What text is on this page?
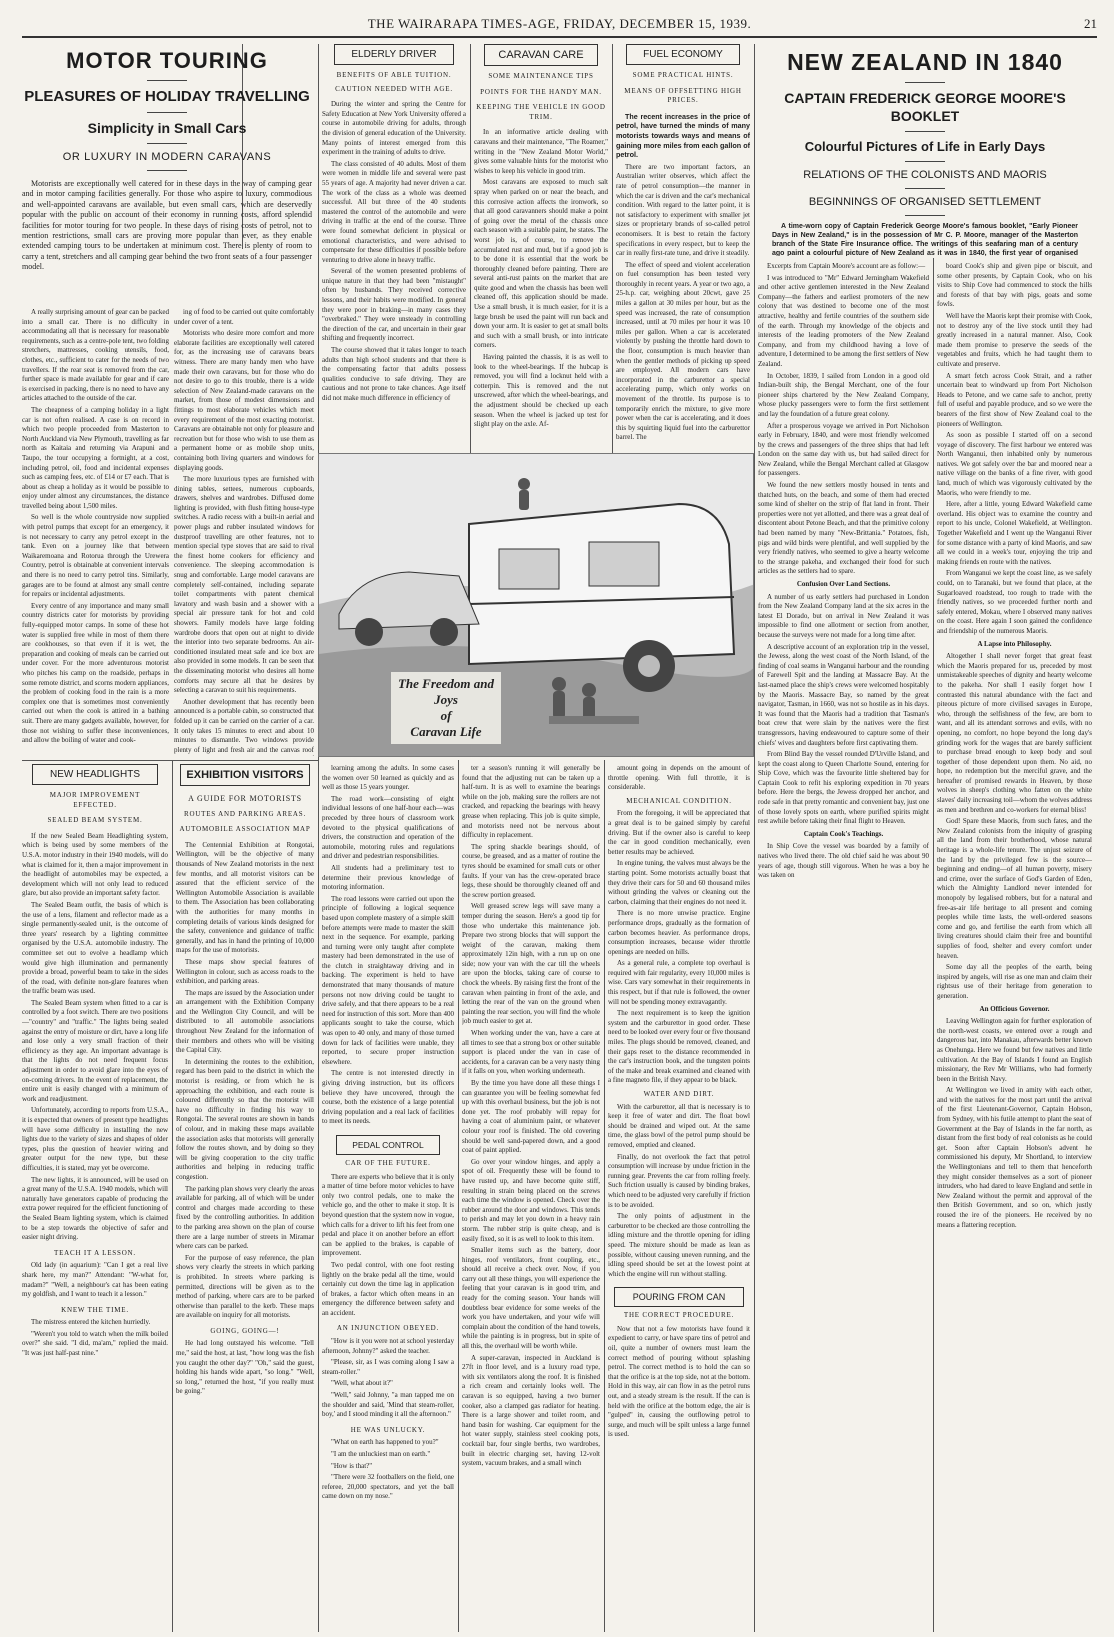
THE WAIRARAPA TIMES-AGE, FRIDAY, DECEMBER 15, 1939.	21
MOTOR TOURING
PLEASURES OF HOLIDAY TRAVELLING
Simplicity in Small Cars
OR LUXURY IN MODERN CARAVANS

Motorists are exceptionally well catered for in these days in the way of camping gear and in motor camping facilities generally. For those who aspire to luxury, commodious and well-appointed caravans are available, but even small cars, which are deservedly popular with the public on account of their economy in running costs, afford splendid facilities for motor touring for two people. In these days of rising costs of petrol, not to mention restrictions, small cars are proving more popular than ever, as they enable extended camping tours to be undertaken at minimum cost. There is plenty of room to carry a tent, stretchers and all camping gear behind the two front seats of a four passenger model.

A really surprising amount of gear can be packed into a small car. There is no difficulty in accommodating all that is necessary for reasonable requirements, such as a centre-pole tent, two folding stretchers, mattresses, cooking utensils, food, clothes, etc., sufficient to cater for the needs of two travellers. If the rear seat is removed from the car, further space is made available for gear and if care is exercised in packing, there is no need to have any articles attached to the outside of the car.

The cheapness of a camping holiday in a light car is not often realised. A case is on record in which two people proceeded from Masterton to North Auckland via New Plymouth, travelling as far north as Kaitaia and returning via Arapuni and Taupo, the tour occupying a fortnight, at a cost, including petrol, oil, food and incidental expenses such as camping fees, etc. of £14 or £7 each. That is about as cheap a holiday as it would be possible to enjoy under almost any circumstances, the distance travelled being about 1,500 miles.

So well is the whole countryside now supplied with petrol pumps that except for an emergency, it is not necessary to carry any petrol except in the tank. Even on a journey like that between Waikaremoana and Rotorua through the Urewera Country, petrol is obtainable at convenient intervals and there is no need to carry petrol tins. Similarly, garages are to be found at almost any small centre for repairs or incidental adjustments.

Every centre of any importance and many small country districts cater for motorists by providing fully-equipped motor camps. In some of these hot water is supplied free while in most of them there are cookhouses, so that even if it is wet, the preparation and cooking of meals can be carried out under cover. For the more adventurous motorist who pitches his camp on the roadside, perhaps in some remote district, and scorns modern appliances, the problem of cooking food in the rain is a more complex one that is sometimes most conveniently carried out when the cook is attired in a bathing suit. There are many gadgets available, however, for those not wishing to suffer these inconveniences, and allow the boiling of water and cook-

ing of food to be carried out quite comfortably under cover of a tent.

Motorists who desire more comfort and more elaborate facilities are exceptionally well catered for, as the increasing use of caravans bears witness. There are many handy men who have made their own caravans, but for those who do not desire to go to this trouble, there is a wide selection of New Zealand-made caravans on the market, from those of modest dimensions and fittings to most elaborate vehicles which meet every requirement of the most exacting motorist. Caravans are obtainable not only for pleasure and recreation but for those who wish to use them as a permanent home or as mobile shop units, containing both living quarters and windows for displaying goods.

The more luxurious types are furnished with dining tables, settees, numerous cupboards, drawers, shelves and wardrobes. Diffused dome lighting is provided, with flush fitting house-type switches. A radio recess with a built-in aerial and power plugs and rubber insulated windows for dustproof travelling are other features, not to mention special type stoves that are said to rival the finest home cookers for efficiency and convenience. The sleeping accommodation is snug and comfortable. Large model caravans are completely self-contained, including separate toilet compartments with patent chemical lavatory and wash basin and a shower with a special air pressure tank for hot and cold showers. Family models have large folding wardrobe doors that open out at night to divide the interior into two separate bedrooms. An air-conditioned insulated meat safe and ice box are also provided in some models. It can be seen that the disseminating motorist who desires all home comforts may secure all that he desires by selecting a caravan to suit his requirements.

Another development that has recently been announced is a portable cabin, so constructed that folded up it can be carried on the carrier of a car. It only takes 15 minutes to erect and about 10 minutes to dismantle. Two windows provide plenty of light and fresh air and the canvas roof

ELDERLY DRIVER
BENEFITS OF ABLE TUITION.
CAUTION NEEDED WITH AGE.

During the winter and spring the Centre for Safety Education at New York University offered a course in automobile driving for adults, through the division of general education of the University. Many points of interest emerged from this experiment in the training of adults to drive.

The class consisted of 40 adults. Most of them were women in middle life and several were past 55 years of age. A majority had never driven a car. The work of the class as a whole was deemed successful. All but three of the 40 students mastered the control of the automobile and were driving in traffic at the end of the course. Three were found somewhat deficient in physical or emotional characteristics, and were advised to compensate for these difficulties if possible before venturing to drive alone in heavy traffic.

Several of the women presented problems of unique nature in that they had been "mistaught" often by husbands. They received corrective lessons, and their habits were modified. In general they were poor in braking—in many cases they "overbraked." They were unsteady in controlling the direction of the car, and uncertain in their gear shifting and frequently incorrect.

The course showed that it takes longer to teach adults than high school students and that there is the compensating factor that adults possess qualities conducive to safe driving. They are cautious and not prone to take chances. Age itself did not make much difference in efficiency of

CARAVAN CARE
SOME MAINTENANCE TIPS
POINTS FOR THE HANDY MAN.
KEEPING THE VEHICLE IN GOOD TRIM.

In an informative article dealing with caravans and their maintenance, "The Roamer," writing in the "New Zealand Motor World," gives some valuable hints for the motorist who wishes to keep his vehicle in good trim.

Most caravans are exposed to much salt spray when parked on or near the beach, and this corrosive action affects the ironwork, so that all good caravanners should make a point of going over the metal of the chassis once each season with a suitable paint, he states. The worst job is, of course, to remove the accumulated rust and mud, but if a good job is to be done it is essential that the work be thoroughly cleaned before painting. There are several anti-rust paints on the market that are quite good and when the chassis has been well cleaned off, this application should be made. Use a small brush, it is much easier, for it is a large brush be used the paint will run back and down your arm. It is easier to get at small bolts and such with a small brush, or into intricate corners.

Having painted the chassis, it is as well to look to the wheel-bearings. If the hubcap is removed, you will find a locknut held with a cotterpin. This is removed and the nut unscrewed, after which the wheel-bearings, and the adjustment should be checked up each season. When the wheel is jacked up test for slight play on the axle. Af-

FUEL ECONOMY
SOME PRACTICAL HINTS.
MEANS OF OFFSETTING HIGH PRICES.

The recent increases in the price of petrol, have turned the minds of many motorists towards ways and means of gaining more miles from each gallon of petrol.

There are two important factors, an Australian writer observes, which affect the rate of petrol consumption—the manner in which the car is driven and the car's mechanical condition. With regard to the latter point, it is not satisfactory to experiment with smaller jet sizes or proprietary brands of so-called petrol economisers. It is best to retain the factory specifications in every respect, but to keep the car in really first-rate tune, and drive it steadily.

The effect of speed and violent acceleration on fuel consumption has been tested very thoroughly in recent years. A year or two ago, a 25-h.p. car, weighing about 20cwt, gave 25 miles a gallon at 30 miles per hour, but as the speed was increased, the rate of consumption increased, until at 70 miles per hour it was 10 miles per gallon. When a car is accelerated violently by pushing the throttle hard down to the floor, consumption is much heavier than when the gentler methods of picking up speed are employed. All modern cars have incorporated in the carburettor a special accelerating pump, which only works on movement of the throttle. Its purpose is to temporarily enrich the mixture, to give more power when the car is accelerating, and it does this by squirting liquid fuel into the carburettor barrel. The

The Freedom and Joys
of
Caravan Life

learning among the adults. In some cases the women over 50 learned as quickly and as well as those 15 years younger.

The road work—consisting of eight individual lessons of one half-hour each—was preceded by three hours of classroom work devoted to the physical qualifications of drivers, the construction and operation of the automobile, motoring rules and regulations and driver and pedestrian responsibilities.

All students had a preliminary test to determine their previous knowledge of motoring information.

The road lessons were carried out upon the principle of following a logical sequence based upon complete mastery of a simple skill before attempts were made to master the skill next in the sequence. For example, parking and turning were only taught after complete mastery had been demonstrated in the use of the clutch in straightaway driving and in backing. The experiment is held to have demonstrated that many thousands of mature persons not now driving could be taught to drive safely, and that there appears to be a real need for instruction of this sort. More than 400 applicants sought to take the course, which was open to 40 only, and many of those turned down for lack of facilities were unable, they reported, to secure proper instruction elsewhere.

The centre is not interested directly in giving driving instruction, but its officers believe they have uncovered, through the course, both the existence of a large potential driving population and a real lack of facilities to meet its needs.

PEDAL CONTROL
CAR OF THE FUTURE.

There are experts who believe that it is only a matter of time before motor vehicles to have only two control pedals, one to make the vehicle go, and the other to make it stop. It is beyond question that the system now in vogue, which calls for a driver to lift his feet from one pedal and place it on another before an effort can be applied to the brakes, is capable of improvement.

Two pedal control, with one foot resting lightly on the brake pedal all the time, would certainly cut down the time lag in application of brakes, a factor which often means in an emergency the difference between safety and an accident.

AN INJUNCTION OBEYED.

"How is it you were not at school yesterday afternoon, Johnny?" asked the teacher.

"Please, sir, as I was coming along I saw a steam-roller."

"Well, what about it?"

"Well," said Johnny, "a man tapped me on the shoulder and said, 'Mind that steam-roller, boy,' and I stood minding it all the afternoon."

HE WAS UNLUCKY.

"What on earth has happened to you?"

"I am the unluckiest man on earth."

"How is that?"

"There were 32 footballers on the field, one referee, 20,000 spectators, and yet the ball came down on my nose."

ter a season's running it will generally be found that the adjusting nut can be taken up a half-turn. It is as well to examine the bearings while on the job, making sure the rollers are not cracked, and repacking the bearings with heavy grease when replacing. This job is quite simple, and motorists need not be nervous about difficulty in replacement.

The spring shackle bearings should, of course, be greased, and as a matter of routine the tyres should be examined for small cuts or other faults. If your van has the crew-operated brace legs, these should be thoroughly cleaned off and the screw portion greased.

Well greased screw legs will save many a temper during the season. Here's a good tip for those who undertake this maintenance job. Prepare two strong blocks that will support the weight of the caravan, making them approximately 12in high, with a run up on one side; now your van with the car till the wheels are upon the blocks, taking care of course to chock the wheels. By raising first the front of the caravan when painting in front of the axle, and letting the rear of the van on the ground when painting the rear section, you will find the whole job much easier to get at.

When working under the van, have a care at all times to see that a strong box or other suitable support is placed under the van in case of accidents, for a caravan can be a very nasty thing if it falls on you, when working underneath.

By the time you have done all these things I can guarantee you will be feeling somewhat fed up with this overhaul business, but the job is not done yet. The roof probably will repay for having a coat of aluminium paint, or whatever colour your roof is finished. The old covering should be well sand-papered down, and a good coat of paint applied.

Go over your window hinges, and apply a spot of oil. Frequently these will be found to have rusted up, and have become quite stiff, resulting in strain being placed on the screws each time the window is opened. Check over the rubber around the door and windows. This tends to perish and may let you down in a heavy rain storm. The rubber strip is quite cheap, and is easily fixed, so it is as well to look to this item.

Smaller items such as the battery, door hinges, roof ventilators, front coupling, etc., should all receive a check over. Now, if you carry out all these things, you will experience the feeling that your caravan is in good trim, and ready for the coming season. Your hands will doubtless bear evidence for some weeks of the work you have undertaken, and your wife will complain about the condition of the hand towels, while the painting is in progress, but in spite of all this, the overhaul will be worth while.

A super-caravan, inspected in Auckland is 27ft in floor level, and is a luxury road type, with six ventilators along the roof. It is finished a rich cream and certainly looks well. The caravan is so equipped, having a two burner cooker, also a clamped gas radiator for heating. There is a large shower and toilet room, and hand basin for washing. Car equipment for the hot water supply, stainless steel cooking pots, cocktail bar, four single berths, two wardrobes, built in electric charging set, having 12-volt system, vacuum brakes, and a small winch

amount going in depends on the amount of throttle opening. With full throttle, it is considerable.

MECHANICAL CONDITION.

From the foregoing, it will be appreciated that a great deal is to be gained simply by careful driving. But if the owner also is careful to keep the car in good condition mechanically, even better results may be achieved.

In engine tuning, the valves must always be the starting point. Some motorists actually boast that they drive their cars for 50 and 60 thousand miles without grinding the valves or cleaning out the carbon, claiming that their engines do not need it.

There is no more unwise practice. Engine performance drops, gradually as the formation of carbon becomes heavier. As performance drops, consumption increases, because wider throttle openings are needed on hills.

As a general rule, a complete top overhaul is required with fair regularity, every 10,000 miles is wise. Cars vary somewhat in their requirements in this respect, but if that rule is followed, the owner will not be spending money extravagantly.

The next requirement is to keep the ignition system and the carburettor in good order. These need to be looked over every four or five thousand miles. The plugs should be removed, cleaned, and their gaps reset to the distance recommended in the car's instruction book, and the tungsten points of the make and break examined and cleaned with a fine magneto file, if they appear to be black.

WATER AND DIRT.

With the carburettor, all that is necessary is to keep it free of water and dirt. The float bowl should be drained and wiped out. At the same time, the glass bowl of the petrol pump should be removed, emptied and cleaned.

Finally, do not overlook the fact that petrol consumption will increase by undue friction in the running gear. Prevents the car from rolling freely. Such friction usually is caused by binding brakes, which need to be adjusted very carefully if friction is to be avoided.

The only points of adjustment in the carburettor to be checked are those controlling the idling mixture and the throttle opening for idling speed. The mixture should be made as lean as possible, without causing uneven running, and the idling speed should be set at the lowest point at which the engine will run without stalling.

POURING FROM CAN
THE CORRECT PROCEDURE.

Now that not a few motorists have found it expedient to carry, or have spare tins of petrol and oil, quite a number of owners must learn the correct method of pouring without splashing petrol. The correct method is to hold the can so that the orifice is at the top side, not at the bottom. Hold in this way, air can flow in as the petrol runs out, and a steady stream is the result. If the can is held with the orifice at the bottom edge, the air is "gulped" in, causing the outflowing petrol to surge, and much will be spilt unless a large funnel is used.

NEW HEADLIGHTS
MAJOR IMPROVEMENT EFFECTED.
SEALED BEAM SYSTEM.

If the new Sealed Beam Headlighting system, which is being used by some members of the U.S.A. motor industry in their 1940 models, will do what is claimed for it, then a major improvement in the headlight of automobiles may be expected, a development which will not only lead to reduced glare, but also provide an important safety factor.

The Sealed Beam outfit, the basis of which is the use of a lens, filament and reflector made as a single permanently-sealed unit, is the outcome of three years' research by a lighting committee organised by the U.S.A. automobile industry. The committee set out to evolve a headlamp which would give high illumination and permanently provide a broad, powerful beam to take in the sides of the road, with definite non-glare features when the traffic beam was used.

The Sealed Beam system when fitted to a car is controlled by a foot switch. There are two positions—"country" and "traffic." The lights being sealed against the entry of moisture or dirt, have a long life and lose only a very small fraction of their efficiency as they age. An important advantage is that the lights do not need frequent focus adjustment in order to avoid glare into the eyes of on-coming drivers. In the event of replacement, the entire unit is easily changed with a minimum of work and readjustment.

Unfortunately, according to reports from U.S.A., it is expected that owners of present type headlights will have some difficulty in installing the new lights due to the variety of sizes and shapes of older types, plus the question of heavier wiring and greater output for the new type, but these difficulties, it is stated, may yet be overcome.

The new lights, it is announced, will be used on a great many of the U.S.A. 1940 models, which will naturally have generators capable of producing the extra power required for the efficient functioning of the Sealed Beam lighting system, which is claimed to be a step towards the objective of safer and easier night driving.

TEACH IT A LESSON.

Old lady (in aquarium): "Can I get a real live shark here, my man?" Attendant: "W-what for, madam?" "Well, a neighbour's cat has been eating my goldfish, and I want to teach it a lesson."

KNEW THE TIME.

The mistress entered the kitchen hurriedly.

"Weren't you told to watch when the milk boiled over?" she said. "I did, ma'am," replied the maid. "It was just half-past nine."

EXHIBITION VISITORS
A GUIDE FOR MOTORISTS
ROUTES AND PARKING AREAS.
AUTOMOBILE ASSOCIATION MAP

The Centennial Exhibition at Rongotai, Wellington, will be the objective of many thousands of New Zealand motorists in the next few months, and all motorist visitors can be assured that the efficient service of the Wellington Automobile Association is available to them. The Association has been collaborating with the authorities for many months in completing details of various kinds designed for the safety, convenience and guidance of traffic generally, and has in hand the printing of 10,000 maps for the use of motorists.

These maps show special features of Wellington in colour, such as access roads to the exhibition, and parking areas.

The maps are issued by the Association under an arrangement with the Exhibition Company and the Wellington City Council, and will be distributed to all automobile associations throughout New Zealand for the information of their members and others who will be visiting the Capital City.

In determining the routes to the exhibition, regard has been paid to the district in which the motorist is residing, or from which he is approaching the exhibition, and each route is coloured differently so that the motorist will have no difficulty in finding his way to Rongotai. The several routes are shown in bands of colour, and in making these maps available the association asks that motorists will generally follow the routes shown, and by doing so they will be giving cooperation to the city traffic authorities and helping in reducing traffic congestion.

The parking plan shows very clearly the areas available for parking, all of which will be under control and charges made according to these fixed by the controlling authorities. In addition to the parking area shown on the plan of course there are a large number of streets in Miramar where cars can be parked.

For the purpose of easy reference, the plan shows very clearly the streets in which parking is prohibited. In streets where parking is permitted, directions will be given as to the method of parking, where cars are to be parked otherwise than parallel to the kerb. These maps are available on inquiry for all motorists.

GOING, GOING—!

He had long outstayed his welcome. "Tell me," said the host, at last, "how long was the fish you caught the other day?" "Oh," said the guest, holding his hands wide apart, "so long." "Well, so long," returned the host, "if you really must be going."

NEW ZEALAND IN 1840
CAPTAIN FREDERICK GEORGE MOORE'S BOOKLET
Colourful Pictures of Life in Early Days
RELATIONS OF THE COLONISTS AND MAORIS
BEGINNINGS OF ORGANISED SETTLEMENT

A time-worn copy of Captain Frederick George Moore's famous booklet, "Early Pioneer Days in New Zealand," is in the possession of Mr C. P. Moore, manager of the Masterton branch of the State Fire Insurance office. The writings of this seafaring man of a century ago paint a colourful picture of New Zealand as it was in 1840, the first year of organised

Excerpts from Captain Moore's account are as follow:—

I was introduced to "Mr" Edward Jerningham Wakefield and other active gentlemen interested in the New Zealand Company—the fathers and earliest promoters of the new colony that was destined to become one of the most attractive, healthy and fertile countries of the southern side of the earth. Through my knowledge of the objects and interests of the leading promoters of the New Zealand Company, and from my childhood having a love of adventure, I determined to be among the first settlers of New Zealand.

In October, 1839, I sailed from London in a good old Indian-built ship, the Bengal Merchant, one of the four pioneer ships chartered by the New Zealand Company, whose plucky passengers were to form the first settlement and lay the foundation of a future great colony.

After a prosperous voyage we arrived in Port Nicholson early in February, 1840, and were most friendly welcomed by the crews and passengers of the three ships that had left London on the same day with us, but had sailed direct for New Zealand, while the Bengal Merchant called at Glasgow for passengers.

We found the new settlers mostly housed in tents and thatched huts, on the beach, and some of them had erected some kind of shelter on the strip of flat land in front. Their properties were not yet allotted, and there was a great deal of discontent about Petone Beach, and that the primitive colony had been named by many "New-Brittania." Potatoes, fish, pigs and wild birds were plentiful, and well supplied by the very friendly natives, who seemed to give a hearty welcome to the strange pakeha, and exchanged their food for such articles as the settlers had to spare.

Confusion Over Land Sections.

A number of us early settlers had purchased in London from the New Zealand Company land at the six acres in the latest El Dorado, but on arrival in New Zealand it was impossible to find one allotment or section from another, because the surveys were not made for a long time after.

A descriptive account of an exploration trip in the vessel, the Jewess, along the west coast of the North Island, of the finding of coal seams in Wanganui harbour and the rounding of Farewell Spit and the landing at Massacre Bay. At the last-named place the ship's crews were welcomed hospitably by the Maoris. Massacre Bay, so named by the great navigator, Tasman, in 1660, was not so hostile as in his days. It was found that the Maoris had a tradition that Tasman's boat crew that were slain by the natives were the first transgressors, having endeavoured to capture some of their chiefs' wives and daughters before first captivating them.

From Blind Bay the vessel rounded D'Urville Island, and kept the coast along to Queen Charlotte Sound, entering for Ship Cove, which was the favourite little sheltered bay for Captain Cook to refit his exploring expedition in 70 years before. Here the bergs, the Jewess dropped her anchor, and rode safe in that pretty romantic and convenient bay, just one of those lovely spots on earth, where purified spirits might rest awhile before taking their final flight to Heaven.

Captain Cook's Teachings.

In Ship Cove the vessel was boarded by a family of natives who lived there. The old chief said he was about 90 years of age, though still vigorous. When he was a boy he was taken on

board Cook's ship and given pipe or biscuit, and some other presents, by Captain Cook, who on his visits to Ship Cove had commenced to stock the hills and forests of that bay with pigs, goats and some fowls.

Well have the Maoris kept their promise with Cook, not to destroy any of the live stock until they had greatly increased in a natural manner. Also, Cook made them promise to preserve the seeds of the vegetables and fruits, which he had taught them to cultivate and preserve.

A smart fetch across Cook Strait, and a rather uncertain beat to windward up from Port Nicholson Heads to Petone, and we came safe to anchor, pretty full of useful and payable produce, and so we were the bearers of the first show of New Zealand coal to the pioneers of Wellington.

As soon as possible I started off on a second voyage of discovery. The first harbour we entered was North Wanganui, then inhabited only by numerous natives. We got safely over the bar and moored near a native village on the banks of a fine river, with good land, much of which was vigorously cultivated by the Maoris, who were friendly to me.

Here, after a little, young Edward Wakefield came overland. His object was to examine the country and report to his uncle, Colonel Wakefield, at Wellington. Together Wakefield and I went up the Wanganui River for some distance with a party of kind Maoris, and saw all we could in a week's tour, enjoying the trip and making friends en route with the natives.

From Wanganui we kept the coast line, as we safely could, on to Taranaki, but we found that place, at the Sugarloaved roadstead, too rough to trade with the friendly natives, so we proceeded further north and safely entered, Mokau, where I observed many natives on the coast. Here again I soon gained the confidence and friendship of the numerous Maoris.

A Lapse into Philosophy.

Altogether I shall never forget that great feast which the Maoris prepared for us, preceded by most unmistakeable speeches of dignity and hearty welcome to the pakeha. Nor shall I easily forget how I contrasted this natural abundance with the fact and piteous picture of more civilised savages in Europe, who, through the selfishness of the few, are born to want, and all its attendant sorrows and evils, with no opening, no comfort, no hope beyond the long day's grinding work for the wages that are barely sufficient to purchase bread enough to keep body and soul together of those dependent upon them. No aid, no hope, no redemption but the merciful grave, and the hereafter of promised rewards in Heaven, by those wolves in sheep's clothing who fatten on the white slaves' daily increasing toil—whom the wolves address as men and brethren and co-workers for eternal bliss!

God! Spare these Maoris, from such fates, and the New Zealand colonists from the iniquity of grasping all the land from their brotherhood, whose natural heritage is a whole-life tenure. The unjust seizure of the land by the privileged few is the source—beginning and ending—of all human poverty, misery and crime, over the surface of God's Garden of Eden, which the Almighty Landlord never intended for monopoly by legalised robbers, but for a natural and free-as-air life heritage to all present and coming peoples while time lasts, the well-ordered seasons come and go, and fertilise the earth from which all living creatures should claim their free and bountiful supplies of food, shelter and every comfort under heaven.

Some day all the peoples of the earth, being inspired by angels, will rise as one man and claim their rightsus use of their heritage from generation to generation.

An Officious Governor.

Leaving Wellington again for further exploration of the north-west coasts, we entered over a rough and dangerous bar, into Manakau, afterwards better known as Onehunga. Here we found but few natives and little cultivation. At the Bay of Islands I found an English missionary, the Rev Mr Williams, who had formerly been in the British Navy.

At Wellington we lived in amity with each other, and with the natives for the most part until the arrival of the first Lieutenant-Governor, Captain Hobson, from Sydney, with his futile attempt to plant the seat of Government at the Bay of Islands in the far north, as distant from the first body of real colonists as he could get. Soon after Captain Hobson's advent he commissioned his deputy, Mr Shortland, to interview the Wellingtonians and tell to them that henceforth they might consider themselves as a sort of pioneer intruders, who had dared to leave England and settle in New Zealand without the permit and approval of the then British Government, and so on, which justly roused the ire of the pioneers. He received by no means a flattering reception.
